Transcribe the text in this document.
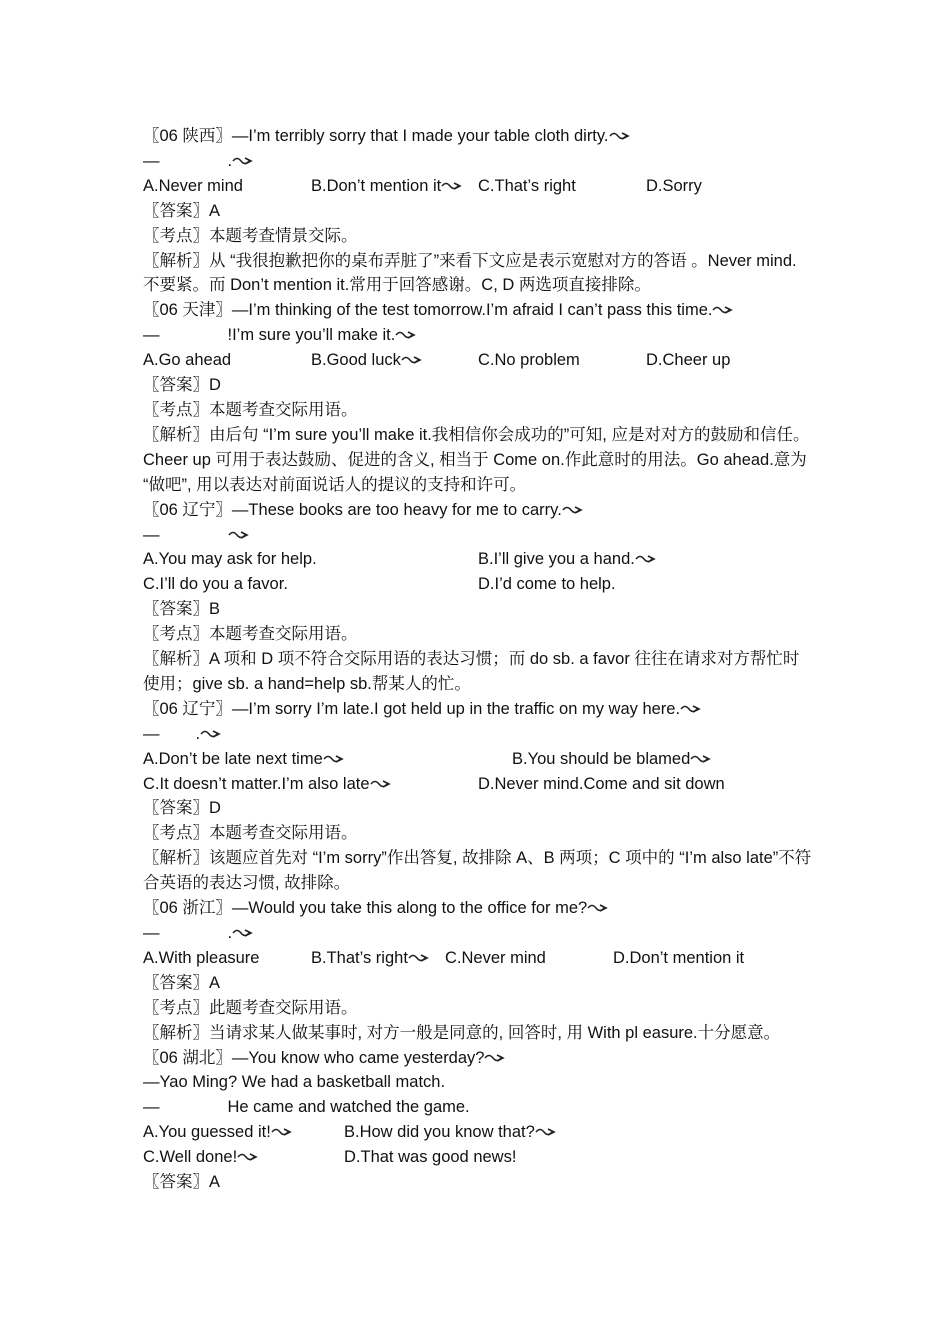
〖06 陕西〗—I’m terribly sorry that I made your table cloth dirty.
—	.
A.Never mind	B.Don’t mention it C.That’s right	D.Sorry
〖答案〗A
〖考点〗本题考查情景交际。
〖解析〗从 “我很抱歉把你的桌布弄脏了”来看下文应是表示宽慰对方的答语 。Never mind.不要紧。而 Don’t mention it.常用于回答感谢。C, D 两选项直接排除。
〖06 天津〗—I’m thinking of the test tomorrow.I’m afraid I can’t pass this time.
—	!I’m sure you’ll make it.
A.Go ahead	B.Good luck	C.No problem	D.Cheer up
〖答案〗D
〖考点〗本题考查交际用语。
〖解析〗由后句 “I’m sure you’ll make it.我相信你会成功的”可知, 应是对对方的鼓励和信任。Cheer up 可用于表达鼓励、促进的含义, 相当于 Come on.作此意时的用法。Go ahead.意为 “做吧”, 用以表达对前面说话人的提议的支持和许可。
〖06 辽宁〗—These books are too heavy for me to carry.
—
A.You may ask for help.	B.I’ll give you a hand.
C.I’ll do you a favor.	D.I’d come to help.
〖答案〗B
〖考点〗本题考查交际用语。
〖解析〗A 项和 D 项不符合交际用语的表达习惯；而 do sb. a favor 往往在请求对方帮忙时使用；give sb. a hand=help sb.帮某人的忙。
〖06 辽宁〗—I’m sorry I’m late.I got held up in the traffic on my way here.
— .
A.Don’t be late next time	B.You should be blamed
C.It doesn’t matter.I’m also late	D.Never mind.Come and sit down
〖答案〗D
〖考点〗本题考查交际用语。
〖解析〗该题应首先对 “I’m sorry”作出答复, 故排除 A、B 两项；C 项中的 “I’m also late”不符合英语的表达习惯, 故排除。
〖06 浙江〗—Would you take this along to the office for me?
—	.
A.With pleasure	B.That’s right C.Never mind	D.Don’t mention it
〖答案〗A
〖考点〗此题考查交际用语。
〖解析〗当请求某人做某事时, 对方一般是同意的, 回答时, 用 With pl easure.十分愿意。
〖06 湖北〗—You know who came yesterday?
—Yao Ming? We had a basketball match.
—	He came and watched the game.
A.You guessed it!	B.How did you know that?
C.Well done!	D.That was good news!
〖答案〗A
